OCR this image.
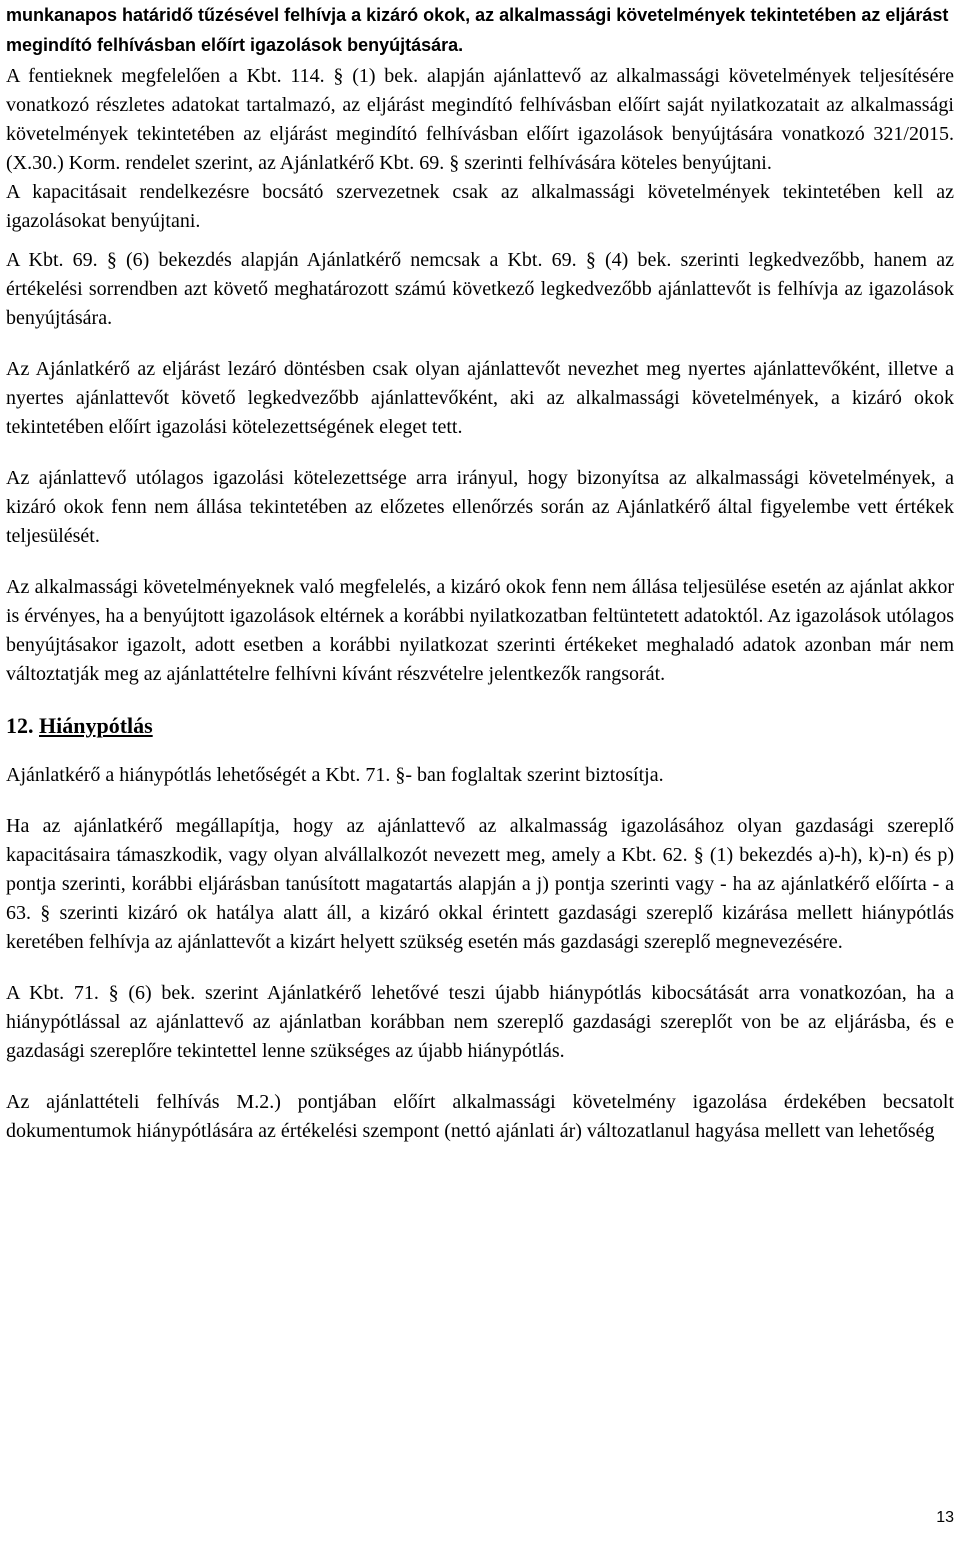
munkanapos határidő tűzésével felhívja a kizáró okok, az alkalmassági követelmények tekintetében az eljárást megindító felhívásban előírt igazolások benyújtására.

A fentieknek megfelelően a Kbt. 114. § (1) bek. alapján ajánlattevő az alkalmassági követelmények teljesítésére vonatkozó részletes adatokat tartalmazó, az eljárást megindító felhívásban előírt saját nyilatkozatait az alkalmassági követelmények tekintetében az eljárást megindító felhívásban előírt igazolások benyújtására vonatkozó 321/2015. (X.30.) Korm. rendelet szerint, az Ajánlatkérő Kbt. 69. § szerinti felhívására köteles benyújtani.

A kapacitásait rendelkezésre bocsátó szervezetnek csak az alkalmassági követelmények tekintetében kell az igazolásokat benyújtani.

A Kbt. 69. § (6) bekezdés alapján Ajánlatkérő nemcsak a Kbt. 69. § (4) bek. szerinti legkedvezőbb, hanem az értékelési sorrendben azt követő meghatározott számú következő legkedvezőbb ajánlattevőt is felhívja az igazolások benyújtására.

Az Ajánlatkérő az eljárást lezáró döntésben csak olyan ajánlattevőt nevezhet meg nyertes ajánlattevőként, illetve a nyertes ajánlattevőt követő legkedvezőbb ajánlattevőként, aki az alkalmassági követelmények, a kizáró okok tekintetében előírt igazolási kötelezettségének eleget tett.

Az ajánlattevő utólagos igazolási kötelezettsége arra irányul, hogy bizonyítsa az alkalmassági követelmények, a kizáró okok fenn nem állása tekintetében az előzetes ellenőrzés során az Ajánlatkérő által figyelembe vett értékek teljesülését.

Az alkalmassági követelményeknek való megfelelés, a kizáró okok fenn nem állása teljesülése esetén az ajánlat akkor is érvényes, ha a benyújtott igazolások eltérnek a korábbi nyilatkozatban feltüntetett adatoktól. Az igazolások utólagos benyújtásakor igazolt, adott esetben a korábbi nyilatkozat szerinti értékeket meghaladó adatok azonban már nem változtatják meg az ajánlattételre felhívni kívánt részvételre jelentkezők rangsorát.

12. Hiánypótlás

Ajánlatkérő a hiánypótlás lehetőségét a Kbt. 71. §- ban foglaltak szerint biztosítja.

Ha az ajánlatkérő megállapítja, hogy az ajánlattevő az alkalmasság igazolásához olyan gazdasági szereplő kapacitásaira támaszkodik, vagy olyan alvállalkozót nevezett meg, amely a Kbt. 62. § (1) bekezdés a)-h), k)-n) és p) pontja szerinti, korábbi eljárásban tanúsított magatartás alapján a j) pontja szerinti vagy - ha az ajánlatkérő előírta - a 63. § szerinti kizáró ok hatálya alatt áll, a kizáró okkal érintett gazdasági szereplő kizárása mellett hiánypótlás keretében felhívja az ajánlattevőt a kizárt helyett szükség esetén más gazdasági szereplő megnevezésére.

A Kbt. 71. § (6) bek. szerint Ajánlatkérő lehetővé teszi újabb hiánypótlás kibocsátását arra vonatkozóan, ha a hiánypótlással az ajánlattevő az ajánlatban korábban nem szereplő gazdasági szereplőt von be az eljárásba, és e gazdasági szereplőre tekintettel lenne szükséges az újabb hiánypótlás.

Az ajánlattételi felhívás M.2.) pontjában előírt alkalmassági követelmény igazolása érdekében becsatolt dokumentumok hiánypótlására az értékelési szempont (nettó ajánlati ár) változatlanul hagyása mellett van lehetőség

13
